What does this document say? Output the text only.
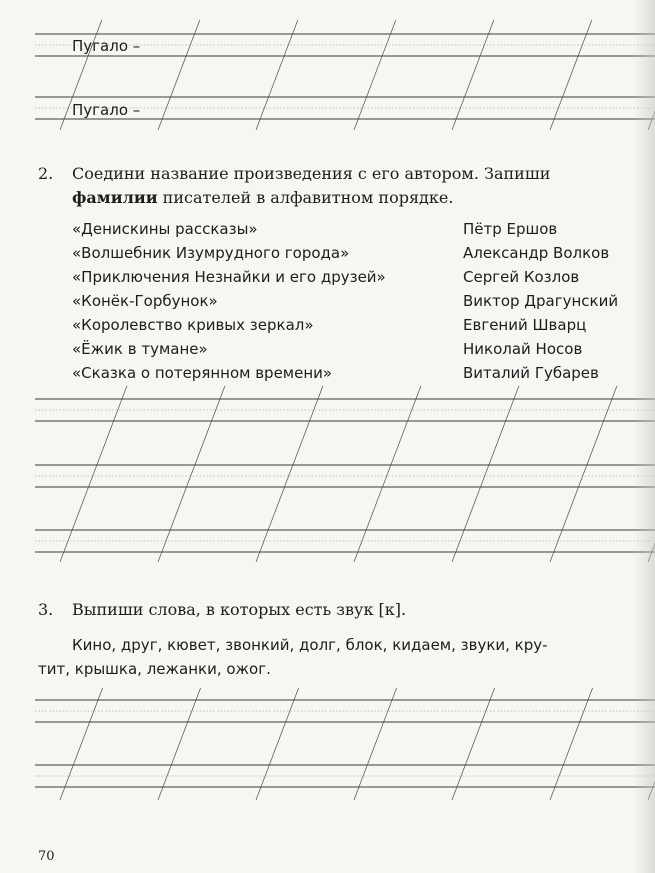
Пугало –
Пугало –
2. Соедини название произведения с его автором. Запиши
фамилии писателей в алфавитном порядке.
«Денискины рассказы»
«Волшебник Изумрудного города»
«Приключения Незнайки и его друзей»
«Конёк-Горбунок»
«Королевство кривых зеркал»
«Ёжик в тумане»
«Сказка о потерянном времени»
Пётр Ершов
Александр Волков
Сергей Козлов
Виктор Драгунский
Евгений Шварц
Николай Носов
Виталий Губарев
3. Выпиши слова, в которых есть звук [к].
Кино, друг, кювет, звонкий, долг, блок, кидаем, звуки, кру-
тит, крышка, лежанки, ожог.
70
